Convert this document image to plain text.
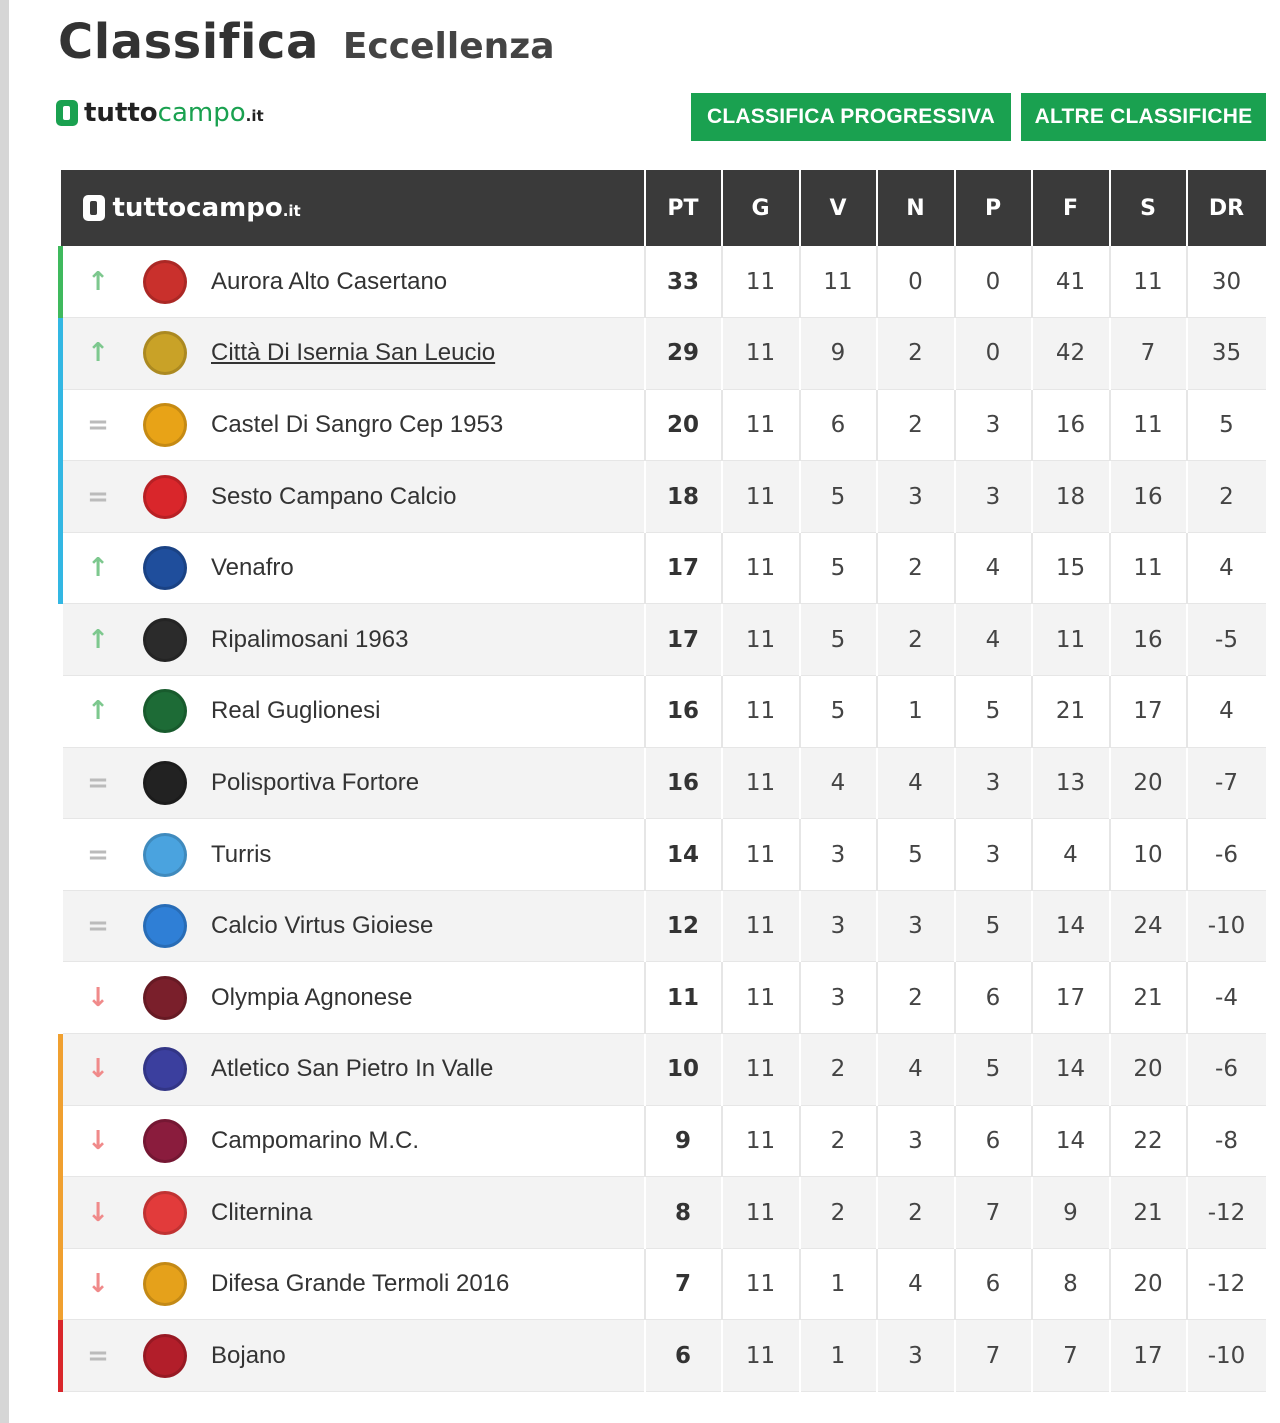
Classifica Eccellenza
tuttocampo.it	CLASSIFICA PROGRESSIVA	ALTRE CLASSIFICHE
tuttocampo.it	PT	G	V	N	P	F	S	DR

↑ Aurora Alto Casertano	33	11	11	0	0	41	11	30

↑ Città Di Isernia San Leucio	29	11	9	2	0	42	7	35

= Castel Di Sangro Cep 1953	20	11	6	2	3	16	11	5

= Sesto Campano Calcio	18	11	5	3	3	18	16	2

↑ Venafro	17	11	5	2	4	15	11	4

↑ Ripalimosani 1963	17	11	5	2	4	11	16	-5

↑ Real Guglionesi	16	11	5	1	5	21	17	4

= Polisportiva Fortore	16	11	4	4	3	13	20	-7

= Turris	14	11	3	5	3	4	10	-6

= Calcio Virtus Gioiese	12	11	3	3	5	14	24	-10

↓ Olympia Agnonese	11	11	3	2	6	17	21	-4

↓ Atletico San Pietro In Valle	10	11	2	4	5	14	20	-6

↓ Campomarino M.C.	9	11	2	3	6	14	22	-8

↓ Cliternina	8	11	2	2	7	9	21	-12

↓ Difesa Grande Termoli 2016	7	11	1	4	6	8	20	-12

= Bojano	6	11	1	3	7	7	17	-10
